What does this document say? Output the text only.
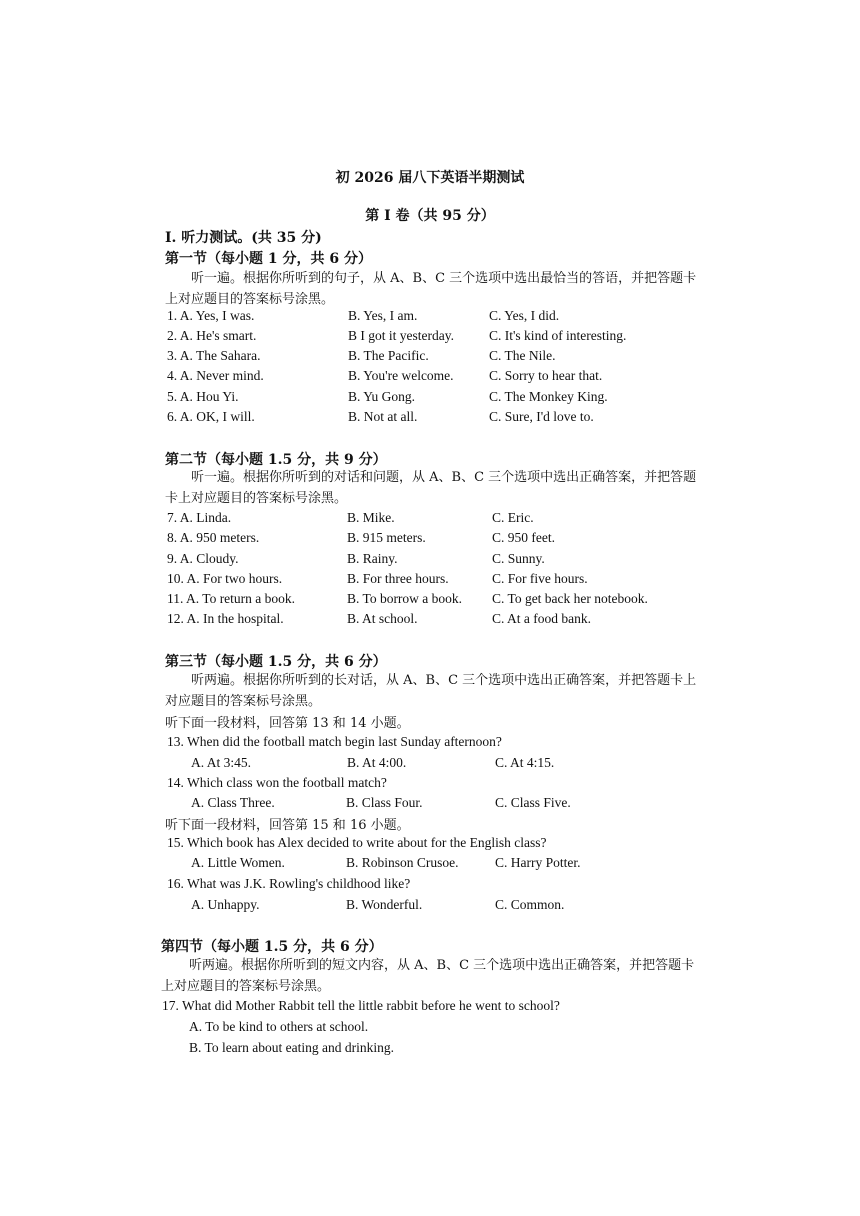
初 2026 届八下英语半期测试
第 I 卷（共 95 分）
I. 听力测试。(共 35 分)
第一节（每小题 1 分，共 6 分）
听一遍。根据你所听到的句子，从 A、B、C 三个选项中选出最恰当的答语，并把答题卡上对应题目的答案标号涂黑。
1. A. Yes, I was.	B. Yes, I am.	C. Yes, I did.
2. A. He's smart.	B I got it yesterday.	C. It's kind of interesting.
3. A. The Sahara.	B. The Pacific.	C. The Nile.
4. A. Never mind.	B. You're welcome.	C. Sorry to hear that.
5. A. Hou Yi.	B. Yu Gong.	C. The Monkey King.
6. A. OK, I will.	B. Not at all.	C. Sure, I'd love to.
第二节（每小题 1.5 分，共 9 分）
听一遍。根据你所听到的对话和问题，从 A、B、C 三个选项中选出正确答案，并把答题卡上对应题目的答案标号涂黑。
7. A. Linda.	B. Mike.	C. Eric.
8. A. 950 meters.	B. 915 meters.	C. 950 feet.
9. A. Cloudy.	B. Rainy.	C. Sunny.
10. A. For two hours.	B. For three hours.	C. For five hours.
11. A. To return a book.	B. To borrow a book. C. To get back her notebook.
12. A. In the hospital.	B. At school.	C. At a food bank.
第三节（每小题 1.5 分，共 6 分）
听两遍。根据你所听到的长对话，从 A、B、C 三个选项中选出正确答案，并把答题卡上对应题目的答案标号涂黑。
听下面一段材料，回答第 13 和 14 小题。
13. When did the football match begin last Sunday afternoon?
A. At 3:45.	B. At 4:00.	C. At 4:15.
14. Which class won the football match?
A. Class Three.	B. Class Four.	C. Class Five.
听下面一段材料，回答第 15 和 16 小题。
15. Which book has Alex decided to write about for the English class?
A. Little Women.	B. Robinson Crusoe.	C. Harry Potter.
16. What was J.K. Rowling's childhood like?
A. Unhappy.	B. Wonderful.	C. Common.
第四节（每小题 1.5 分，共 6 分）
听两遍。根据你所听到的短文内容，从 A、B、C 三个选项中选出正确答案，并把答题卡上对应题目的答案标号涂黑。
17. What did Mother Rabbit tell the little rabbit before he went to school?
A. To be kind to others at school.
B. To learn about eating and drinking.
